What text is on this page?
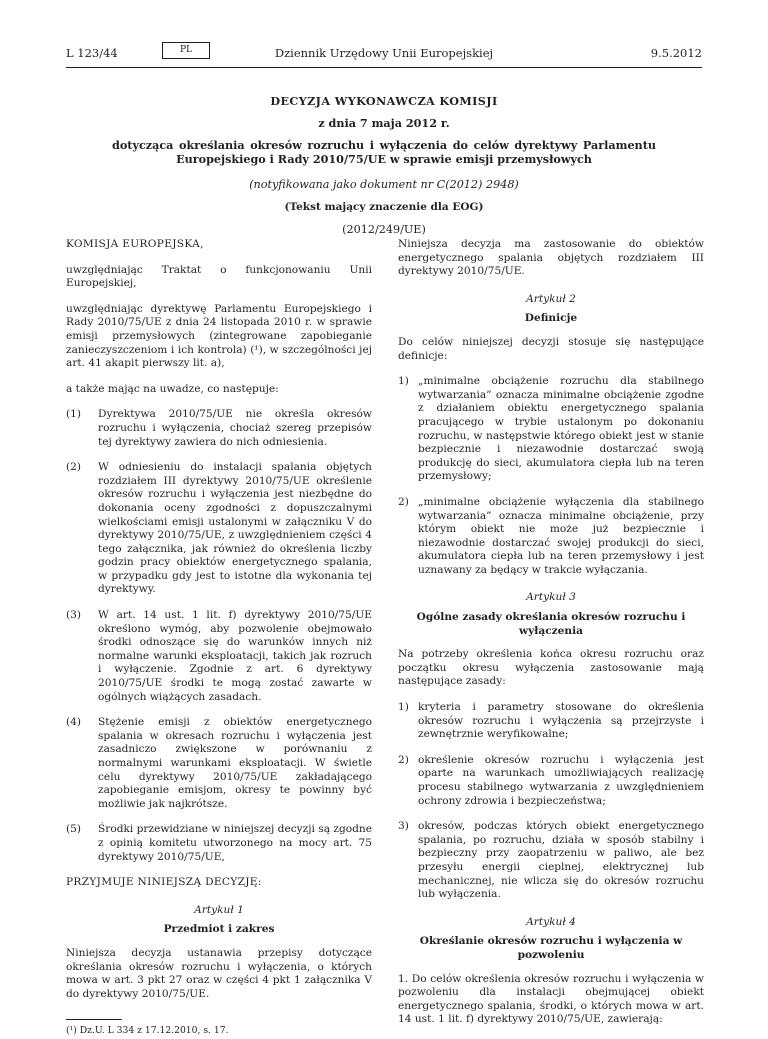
L 123/44	PL	Dziennik Urzędowy Unii Europejskiej	9.5.2012
DECYZJA WYKONAWCZA KOMISJI
z dnia 7 maja 2012 r.
dotycząca określania okresów rozruchu i wyłączenia do celów dyrektywy Parlamentu Europejskiego i Rady 2010/75/UE w sprawie emisji przemysłowych
(notyfikowana jako dokument nr C(2012) 2948)
(Tekst mający znaczenie dla EOG)
(2012/249/UE)

KOMISJA EUROPEJSKA,

uwzględniając Traktat o funkcjonowaniu Unii Europejskiej,

uwzględniając dyrektywę Parlamentu Europejskiego i Rady 2010/75/UE z dnia 24 listopada 2010 r. w sprawie emisji przemysłowych (zintegrowane zapobieganie zanieczyszczeniom i ich kontrola) (¹), w szczególności jej art. 41 akapit pierwszy lit. a),

a także mając na uwadze, co następuje:

(1)	Dyrektywa 2010/75/UE nie określa okresów rozruchu i wyłączenia, chociaż szereg przepisów tej dyrektywy zawiera do nich odniesienia.
(2)	W odniesieniu do instalacji spalania objętych rozdziałem III dyrektywy 2010/75/UE określenie okresów rozruchu i wyłączenia jest niezbędne do dokonania oceny zgodności z dopuszczalnymi wielkościami emisji ustalonymi w załączniku V do dyrektywy 2010/75/UE, z uwzględnieniem części 4 tego załącznika, jak również do określenia liczby godzin pracy obiektów energetycznego spalania, w przypadku gdy jest to istotne dla wykonania tej dyrektywy.
(3)	W art. 14 ust. 1 lit. f) dyrektywy 2010/75/UE określono wymóg, aby pozwolenie obejmowało środki odnoszące się do warunków innych niż normalne warunki eksploatacji, takich jak rozruch i wyłączenie. Zgodnie z art. 6 dyrektywy 2010/75/UE środki te mogą zostać zawarte w ogólnych wiążących zasadach.
(4)	Stężenie emisji z obiektów energetycznego spalania w okresach rozruchu i wyłączenia jest zasadniczo zwiększone w porównaniu z normalnymi warunkami eksploatacji. W świetle celu dyrektywy 2010/75/UE zakładającego zapobieganie emisjom, okresy te powinny być możliwie jak najkrótsze.
(5)	Środki przewidziane w niniejszej decyzji są zgodne z opinią komitetu utworzonego na mocy art. 75 dyrektywy 2010/75/UE,

PRZYJMUJE NINIEJSZĄ DECYZJĘ:

Artykuł 1
Przedmiot i zakres

Niniejsza decyzja ustanawia przepisy dotyczące określania okresów rozruchu i wyłączenia, o których mowa w art. 3 pkt 27 oraz w części 4 pkt 1 załącznika V do dyrektywy 2010/75/UE.

(¹) Dz.U. L 334 z 17.12.2010, s. 17.

Niniejsza decyzja ma zastosowanie do obiektów energetycznego spalania objętych rozdziałem III dyrektywy 2010/75/UE.

Artykuł 2
Definicje

Do celów niniejszej decyzji stosuje się następujące definicje:

1) „minimalne obciążenie rozruchu dla stabilnego wytwarzania” oznacza minimalne obciążenie zgodne z działaniem obiektu energetycznego spalania pracującego w trybie ustalonym po dokonaniu rozruchu, w następstwie którego obiekt jest w stanie bezpiecznie i niezawodnie dostarczać swoją produkcję do sieci, akumulatora ciepła lub na teren przemysłowy;
2) „minimalne obciążenie wyłączenia dla stabilnego wytwarzania” oznacza minimalne obciążenie, przy którym obiekt nie może już bezpiecznie i niezawodnie dostarczać swojej produkcji do sieci, akumulatora ciepła lub na teren przemysłowy i jest uznawany za będący w trakcie wyłączania.
Artykuł 3
Ogólne zasady określania okresów rozruchu i wyłączenia

Na potrzeby określenia końca okresu rozruchu oraz początku okresu wyłączenia zastosowanie mają następujące zasady:

1) kryteria i parametry stosowane do określenia okresów rozruchu i wyłączenia są przejrzyste i zewnętrznie weryfikowalne;
2) określenie okresów rozruchu i wyłączenia jest oparte na warunkach umożliwiających realizację procesu stabilnego wytwarzania z uwzględnieniem ochrony zdrowia i bezpieczeństwa;
3) okresów, podczas których obiekt energetycznego spalania, po rozruchu, działa w sposób stabilny i bezpieczny przy zaopatrzeniu w paliwo, ale bez przesyłu energii cieplnej, elektrycznej lub mechanicznej, nie wlicza się do okresów rozruchu lub wyłączenia.
Artykuł 4
Określanie okresów rozruchu i wyłączenia w pozwoleniu

1. Do celów określenia okresów rozruchu i wyłączenia w pozwoleniu dla instalacji obejmującej obiekt energetycznego spalania, środki, o których mowa w art. 14 ust. 1 lit. f) dyrektywy 2010/75/UE, zawierają:
